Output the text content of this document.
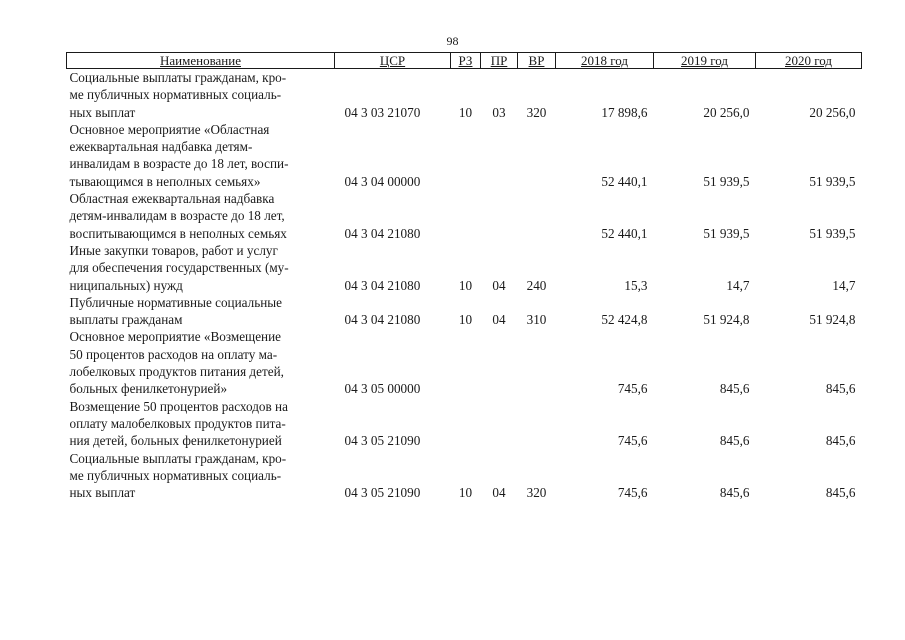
98
Наименование	ЦСР	РЗ	ПР	ВР	2018 год	2019 год	2020 год

Социальные выплаты гражданам, кро-
ме публичных нормативных социаль-
ных выплат	04 3 03 21070	10	03	320	17 898,6	20 256,0	20 256,0

Основное мероприятие «Областная
ежеквартальная надбавка детям-
инвалидам в возрасте до 18 лет, воспи-
тывающимся в неполных семьях»	04 3 04 00000				52 440,1	51 939,5	51 939,5

Областная ежеквартальная надбавка
детям-инвалидам в возрасте до 18 лет,
воспитывающимся в неполных семьях	04 3 04 21080				52 440,1	51 939,5	51 939,5

Иные закупки товаров, работ и услуг
для обеспечения государственных (му-
ниципальных) нужд	04 3 04 21080	10	04	240	15,3	14,7	14,7

Публичные нормативные социальные
выплаты гражданам	04 3 04 21080	10	04	310	52 424,8	51 924,8	51 924,8

Основное мероприятие «Возмещение
50 процентов расходов на оплату ма-
лобелковых продуктов питания детей,
больных фенилкетонурией»	04 3 05 00000				745,6	845,6	845,6

Возмещение 50 процентов расходов на
оплату малобелковых продуктов пита-
ния детей, больных фенилкетонурией	04 3 05 21090				745,6	845,6	845,6

Социальные выплаты гражданам, кро-
ме публичных нормативных социаль-
ных выплат	04 3 05 21090	10	04	320	745,6	845,6	845,6
